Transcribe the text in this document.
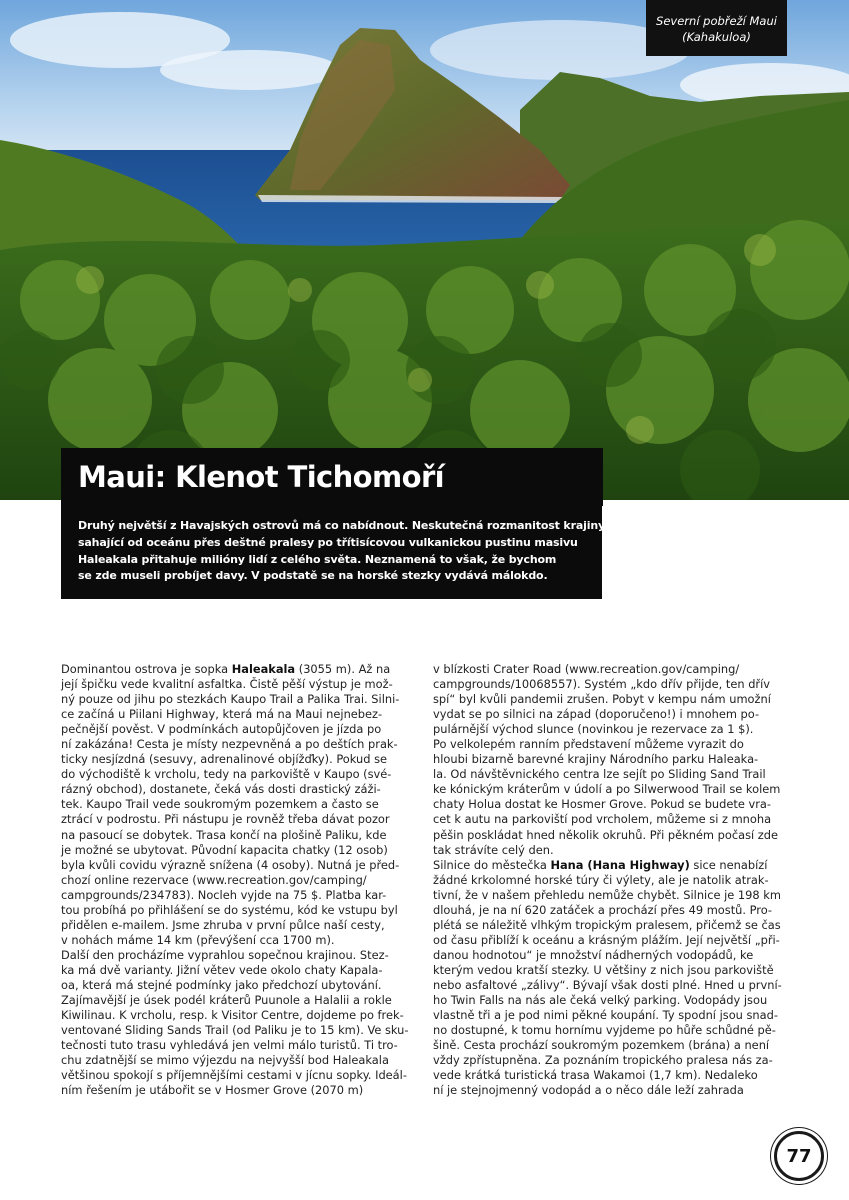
Severní pobřeží Maui
(Kahakuloa)
Maui: Klenot Tichomoří

Druhý největší z Havajských ostrovů má co nabídnout. Neskutečná rozmanitost krajiny
sahající od oceánu přes deštné pralesy po třítisícovou vulkanickou pustinu masivu
Haleakala přitahuje milióny lidí z celého světa. Neznamená to však, že bychom
se zde museli probíjet davy. V podstatě se na horské stezky vydává málokdo.

Dominantou ostrova je sopka Haleakala (3055 m). Až na
její špičku vede kvalitní asfaltka. Čistě pěší výstup je mož-
ný pouze od jihu po stezkách Kaupo Trail a Palika Trai. Silni-
ce začíná u Piilani Highway, která má na Maui nejnebez-
pečnější pověst. V podmínkách autopůjčoven je jízda po
ní zakázána! Cesta je místy nezpevněná a po deštích prak-
ticky nesjízdná (sesuvy, adrenalinové objížďky). Pokud se
do východiště k vrcholu, tedy na parkoviště v Kaupo (své-
rázný obchod), dostanete, čeká vás dosti drastický záži-
tek. Kaupo Trail vede soukromým pozemkem a často se
ztrácí v podrostu. Při nástupu je rovněž třeba dávat pozor
na pasoucí se dobytek. Trasa končí na plošině Paliku, kde
je možné se ubytovat. Původní kapacita chatky (12 osob)
byla kvůli covidu výrazně snížena (4 osoby). Nutná je před-
chozí online rezervace (www.recreation.gov/camping/
campgrounds/234783). Nocleh vyjde na 75 $. Platba kar-
tou probíhá po přihlášení se do systému, kód ke vstupu byl
přidělen e-mailem. Jsme zhruba v první půlce naší cesty,
v nohách máme 14 km (převýšení cca 1700 m).
Další den procházíme vyprahlou sopečnou krajinou. Stez-
ka má dvě varianty. Jižní větev vede okolo chaty Kapala-
oa, která má stejné podmínky jako předchozí ubytování.
Zajímavější je úsek podél kráterů Puunole a Halalii a rokle
Kiwilinau. K vrcholu, resp. k Visitor Centre, dojdeme po frek-
ventované Sliding Sands Trail (od Paliku je to 15 km). Ve sku-
tečnosti tuto trasu vyhledává jen velmi málo turistů. Ti tro-
chu zdatnější se mimo výjezdu na nejvyšší bod Haleakala
většinou spokojí s příjemnějšími cestami v jícnu sopky. Ideál-
ním řešením je utábořit se v Hosmer Grove (2070 m)
v blízkosti Crater Road (www.recreation.gov/camping/
campgrounds/10068557). Systém „kdo dřív přijde, ten dřív
spí“ byl kvůli pandemii zrušen. Pobyt v kempu nám umožní
vydat se po silnici na západ (doporučeno!) i mnohem po-
pulárnější východ slunce (novinkou je rezervace za 1 $).
Po velkolepém ranním představení můžeme vyrazit do
hloubi bizarně barevné krajiny Národního parku Haleaka-
la. Od návštěvnického centra lze sejít po Sliding Sand Trail
ke kónickým kráterům v údolí a po Silwerwood Trail se kolem
chaty Holua dostat ke Hosmer Grove. Pokud se budete vra-
cet k autu na parkoviští pod vrcholem, můžeme si z mnoha
pěšin poskládat hned několik okruhů. Při pěkném počasí zde
tak strávíte celý den.
Silnice do městečka Hana (Hana Highway) sice nenabízí
žádné krkolomné horské túry či výlety, ale je natolik atrak-
tivní, že v našem přehledu nemůže chybět. Silnice je 198 km
dlouhá, je na ní 620 zatáček a prochází přes 49 mostů. Pro-
plétá se náležitě vlhkým tropickým pralesem, přičemž se čas
od času přiblíží k oceánu a krásným plážím. Její největší „při-
danou hodnotou“ je množství nádherných vodopádů, ke
kterým vedou kratší stezky. U většiny z nich jsou parkoviště
nebo asfaltové „zálivy“. Bývají však dosti plné. Hned u první-
ho Twin Falls na nás ale čeká velký parking. Vodopády jsou
vlastně tři a je pod nimi pěkné koupání. Ty spodní jsou snad-
no dostupné, k tomu hornímu vyjdeme po hůře schůdné pě-
šině. Cesta prochází soukromým pozemkem (brána) a není
vždy zpřístupněna. Za poznáním tropického pralesa nás za-
vede krátká turistická trasa Wakamoi (1,7 km). Nedaleko
ní je stejnojmenný vodopád a o něco dále leží zahrada
77
